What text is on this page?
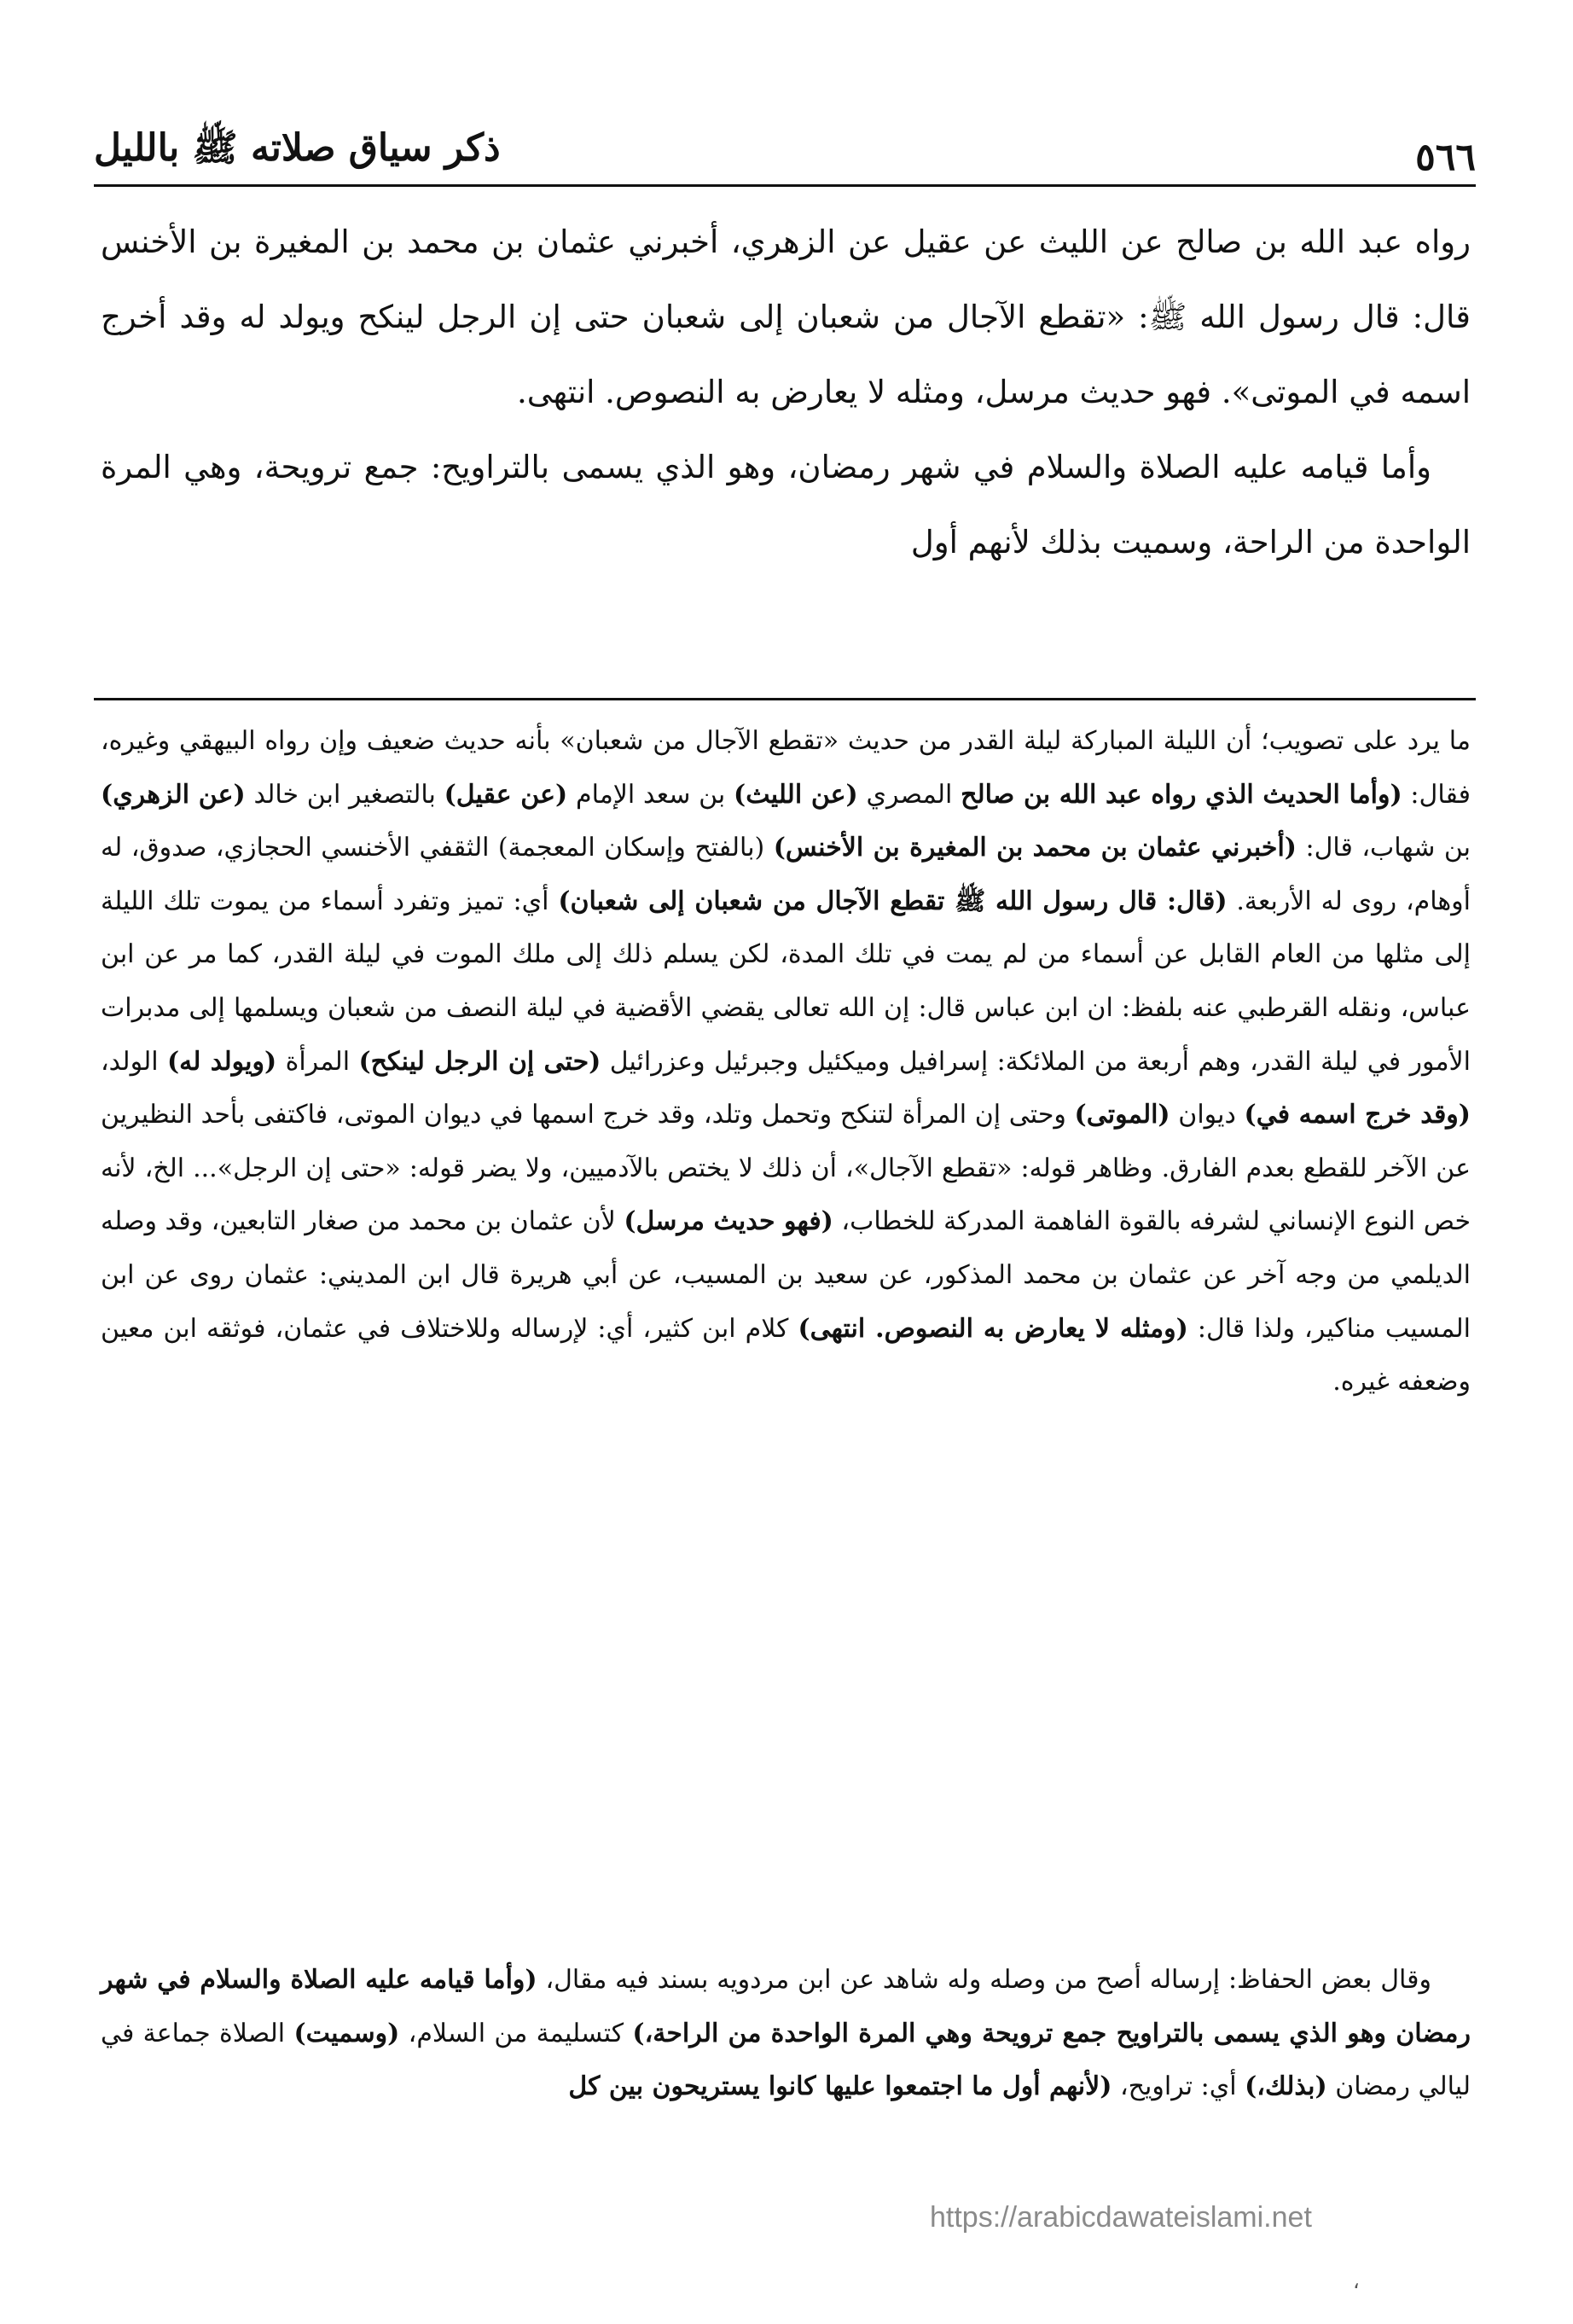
٥٦٦
ذكر سياق صلاته ﷺ بالليل

رواه عبد الله بن صالح عن الليث عن عقيل عن الزهري، أخبرني عثمان بن محمد بن المغيرة بن الأخنس قال: قال رسول الله ﷺ: «تقطع الآجال من شعبان إلى شعبان حتى إن الرجل لينكح ويولد له وقد أخرج اسمه في الموتى». فهو حديث مرسل، ومثله لا يعارض به النصوص. انتهى.

وأما قيامه عليه الصلاة والسلام في شهر رمضان، وهو الذي يسمى بالتراويح: جمع ترويحة، وهي المرة الواحدة من الراحة، وسميت بذلك لأنهم أول

ما يرد على تصويب؛ أن الليلة المباركة ليلة القدر من حديث «تقطع الآجال من شعبان» بأنه حديث ضعيف وإن رواه البيهقي وغيره، فقال: (وأما الحديث الذي رواه عبد الله بن صالح المصري (عن الليث) بن سعد الإمام (عن عقيل) بالتصغير ابن خالد (عن الزهري) بن شهاب، قال: (أخبرني عثمان بن محمد بن المغيرة بن الأخنس) (بالفتح وإسكان المعجمة) الثقفي الأخنسي الحجازي، صدوق، له أوهام، روى له الأربعة. (قال: قال رسول الله ﷺ تقطع الآجال من شعبان إلى شعبان) أي: تميز وتفرد أسماء من يموت تلك الليلة إلى مثلها من العام القابل عن أسماء من لم يمت في تلك المدة، لكن يسلم ذلك إلى ملك الموت في ليلة القدر، كما مر عن ابن عباس، ونقله القرطبي عنه بلفظ: ان ابن عباس قال: إن الله تعالى يقضي الأقضية في ليلة النصف من شعبان ويسلمها إلى مدبرات الأمور في ليلة القدر، وهم أربعة من الملائكة: إسرافيل وميكئيل وجبرئيل وعزرائيل (حتى إن الرجل لينكح) المرأة (ويولد له) الولد، (وقد خرج اسمه في) ديوان (الموتى) وحتى إن المرأة لتنكح وتحمل وتلد، وقد خرج اسمها في ديوان الموتى، فاكتفى بأحد النظيرين عن الآخر للقطع بعدم الفارق. وظاهر قوله: «تقطع الآجال»، أن ذلك لا يختص بالآدميين، ولا يضر قوله: «حتى إن الرجل»... الخ، لأنه خص النوع الإنساني لشرفه بالقوة الفاهمة المدركة للخطاب، (فهو حديث مرسل) لأن عثمان بن محمد من صغار التابعين، وقد وصله الديلمي من وجه آخر عن عثمان بن محمد المذكور، عن سعيد بن المسيب، عن أبي هريرة قال ابن المديني: عثمان روى عن ابن المسيب مناكير، ولذا قال: (ومثله لا يعارض به النصوص. انتهى) كلام ابن كثير، أي: لإرساله وللاختلاف في عثمان، فوثقه ابن معين وضعفه غيره.

وقال بعض الحفاظ: إرساله أصح من وصله وله شاهد عن ابن مردويه بسند فيه مقال، (وأما قيامه عليه الصلاة والسلام في شهر رمضان وهو الذي يسمى بالتراويح جمع ترويحة وهي المرة الواحدة من الراحة،) كتسليمة من السلام، (وسميت) الصلاة جماعة في ليالي رمضان (بذلك،) أي: تراويح، (لأنهم أول ما اجتمعوا عليها كانوا يستريحون بين كل

https://arabicdawateislami.net
،
